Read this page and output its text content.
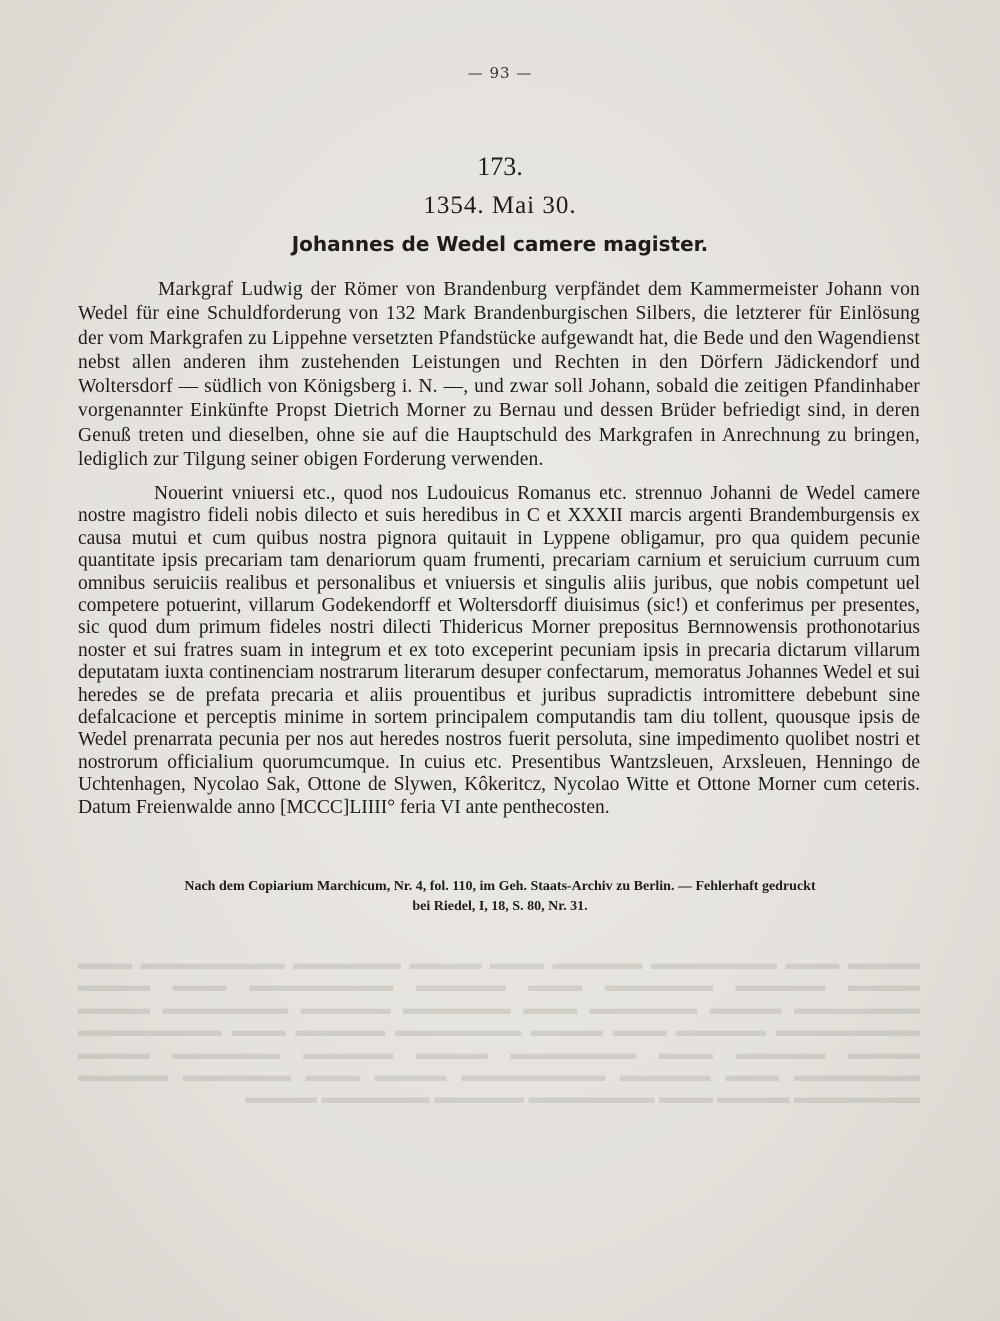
▬▬▬▬ ▬▬▬ ▬▬▬▬▬▬▬ ▬▬▬▬▬ ▬▬▬ ▬▬▬▬ ▬▬▬▬▬▬ ▬▬▬▬▬▬▬▬ ▬▬▬ ▬▬▬▬ ▬▬▬▬▬ ▬▬▬▬▬▬ ▬▬▬ ▬▬▬▬▬ ▬▬▬▬▬▬▬▬ ▬▬▬ ▬▬▬▬ ▬▬▬▬▬▬▬ ▬▬▬▬ ▬▬▬▬▬▬ ▬▬▬ ▬▬▬▬▬▬ ▬▬▬▬▬ ▬▬▬▬▬▬▬ ▬▬▬▬ ▬▬▬▬▬▬▬▬ ▬▬▬▬▬ ▬▬▬ ▬▬▬▬ ▬▬▬▬▬▬▬ ▬▬▬▬▬ ▬▬▬ ▬▬▬▬▬▬▬▬ ▬▬▬▬ ▬▬▬▬▬ ▬▬▬ ▬▬▬▬▬▬▬ ▬▬▬▬ ▬▬▬▬▬ ▬▬▬▬▬▬ ▬▬▬▬ ▬▬▬▬▬▬▬ ▬▬▬ ▬▬▬▬▬ ▬▬▬▬▬▬▬▬ ▬▬▬▬ ▬▬▬ ▬▬▬▬▬▬ ▬▬▬▬▬ ▬▬▬▬▬▬▬ ▬▬▬▬ ▬▬▬ ▬▬▬▬▬▬▬ ▬▬▬▬▬ ▬▬▬▬▬▬ ▬▬▬▬
— 93 —
173.
1354. Mai 30.
Johannes de Wedel camere magister.
Markgraf Ludwig der Römer von Brandenburg verpfändet dem Kammermeister Johann von Wedel für eine Schuldforderung von 132 Mark Brandenburgischen Silbers, die letzterer für Einlösung der vom Markgrafen zu Lippehne versetzten Pfandstücke aufgewandt hat, die Bede und den Wagendienst nebst allen anderen ihm zustehenden Leistungen und Rechten in den Dörfern Jädickendorf und Woltersdorf — südlich von Königsberg i. N. —, und zwar soll Johann, sobald die zeitigen Pfandinhaber vorgenannter Einkünfte Propst Dietrich Morner zu Bernau und dessen Brüder befriedigt sind, in deren Genuß treten und dieselben, ohne sie auf die Hauptschuld des Markgrafen in Anrechnung zu bringen, lediglich zur Tilgung seiner obigen Forderung verwenden.
Nouerint vniuersi etc., quod nos Ludouicus Romanus etc. strennuo Johanni de Wedel camere nostre magistro fideli nobis dilecto et suis heredibus in C et XXXII marcis argenti Brandemburgensis ex causa mutui et cum quibus nostra pignora quitauit in Lyppene obligamur, pro qua quidem pecunie quantitate ipsis precariam tam denariorum quam frumenti, precariam carnium et seruicium curruum cum omnibus seruiciis realibus et personalibus et vniuersis et singulis aliis juribus, que nobis competunt uel competere potuerint, villarum Godekendorff et Woltersdorff diuisimus (sic!) et conferimus per presentes, sic quod dum primum fideles nostri dilecti Thidericus Morner prepositus Bernnowensis prothonotarius noster et sui fratres suam in integrum et ex toto exceperint pecuniam ipsis in precaria dictarum villarum deputatam iuxta continenciam nostrarum literarum desuper confectarum, memoratus Johannes Wedel et sui heredes se de prefata precaria et aliis prouentibus et juribus supradictis intromittere debebunt sine defalcacione et perceptis minime in sortem principalem computandis tam diu tollent, quousque ipsis de Wedel prenarrata pecunia per nos aut heredes nostros fuerit persoluta, sine impedimento quolibet nostri et nostrorum officialium quorumcumque. In cuius etc. Presentibus Wantzsleuen, Arxsleuen, Henningo de Uchtenhagen, Nycolao Sak, Ottone de Slywen, Kôkeritcz, Nycolao Witte et Ottone Morner cum ceteris. Datum Freienwalde anno [MCCC]LIIII° feria VI ante penthecosten.
Nach dem Copiarium Marchicum, Nr. 4, fol. 110, im Geh. Staats-Archiv zu Berlin. — Fehlerhaft gedruckt
bei Riedel, I, 18, S. 80, Nr. 31.
